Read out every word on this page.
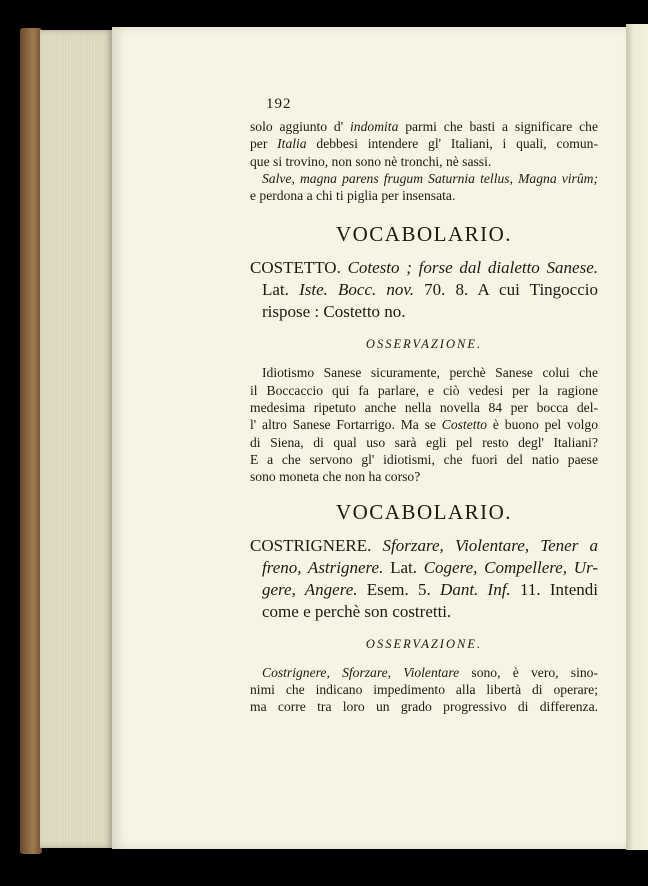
192
solo aggiunto d' indomita parmi che basti a significare che
per Italia debbesi intendere gl' Italiani, i quali, comun-
que si trovino, non sono nè tronchi, nè sassi.
Salve, magna parens frugum Saturnia tellus, Magna virûm;
e perdona a chi ti piglia per insensata.
VOCABOLARIO.
COSTETTO. Cotesto ; forse dal dialetto Sanese.
Lat. Iste. Bocc. nov. 70. 8. A cui Tingoccio
rispose : Costetto no.
OSSERVAZIONE.
Idiotismo Sanese sicuramente, perchè Sanese colui che
il Boccaccio qui fa parlare, e ciò vedesi per la ragione
medesima ripetuto anche nella novella 84 per bocca del-
l' altro Sanese Fortarrigo. Ma se Costetto è buono pel volgo
di Siena, di qual uso sarà egli pel resto degl' Italiani?
E a che servono gl' idiotismi, che fuori del natio paese
sono moneta che non ha corso?
VOCABOLARIO.
COSTRIGNERE. Sforzare, Violentare, Tener a
freno, Astrignere. Lat. Cogere, Compellere, Ur-
gere, Angere. Esem. 5. Dant. Inf. 11. Intendi
come e perchè son costretti.
OSSERVAZIONE.
Costrignere, Sforzare, Violentare sono, è vero, sino-
nimi che indicano impedimento alla libertà di operare;
ma corre tra loro un grado progressivo di differenza.
